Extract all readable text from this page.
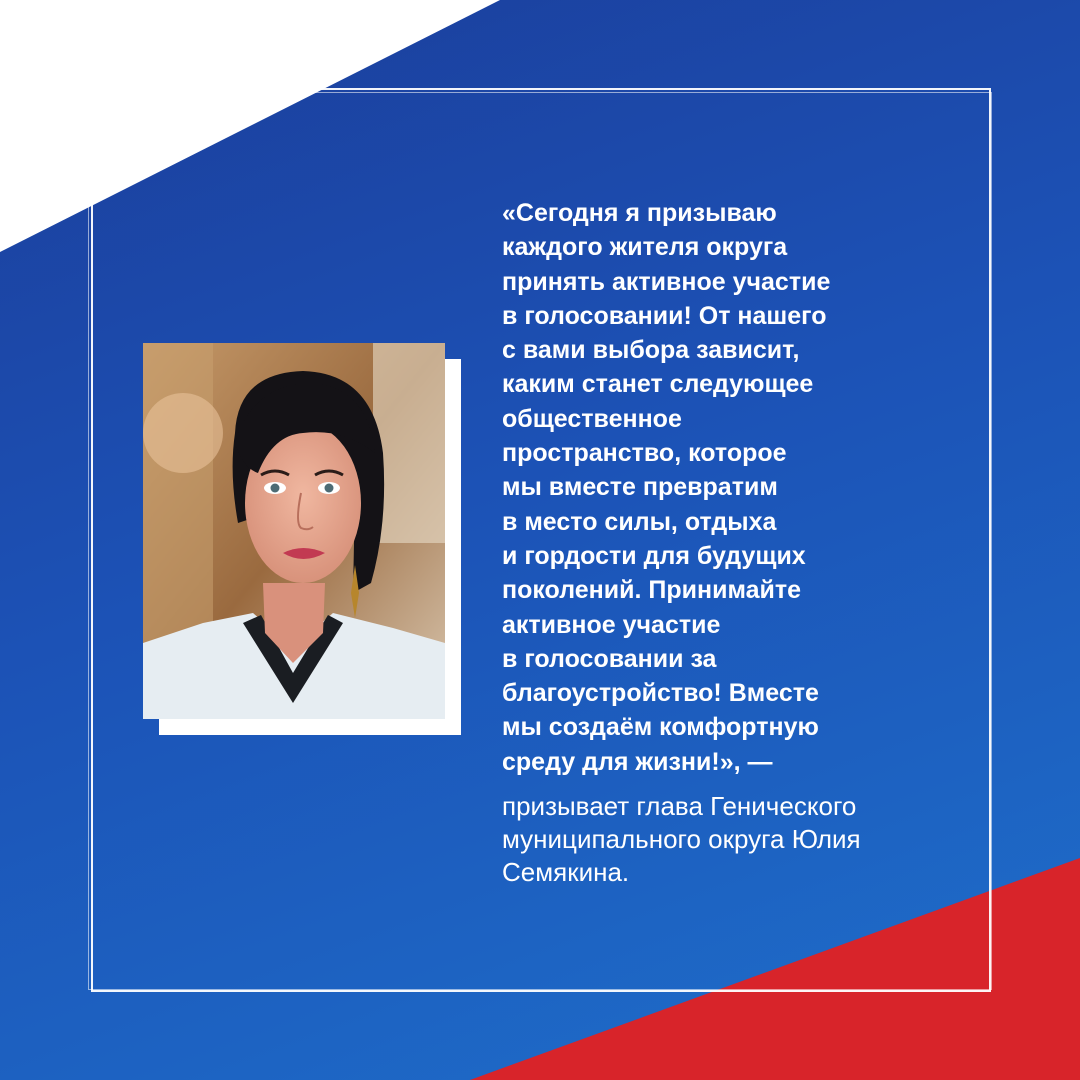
«Сегодня я призываю
каждого жителя округа
принять активное участие
в голосовании! От нашего
с вами выбора зависит,
каким станет следующее
общественное
пространство, которое
мы вместе превратим
в место силы, отдыха
и гордости для будущих
поколений. Принимайте
активное участие
в голосовании за
благоустройство! Вместе
мы создаём комфортную
среду для жизни!», —
призывает глава Генического
муниципального округа Юлия
Семякина.
